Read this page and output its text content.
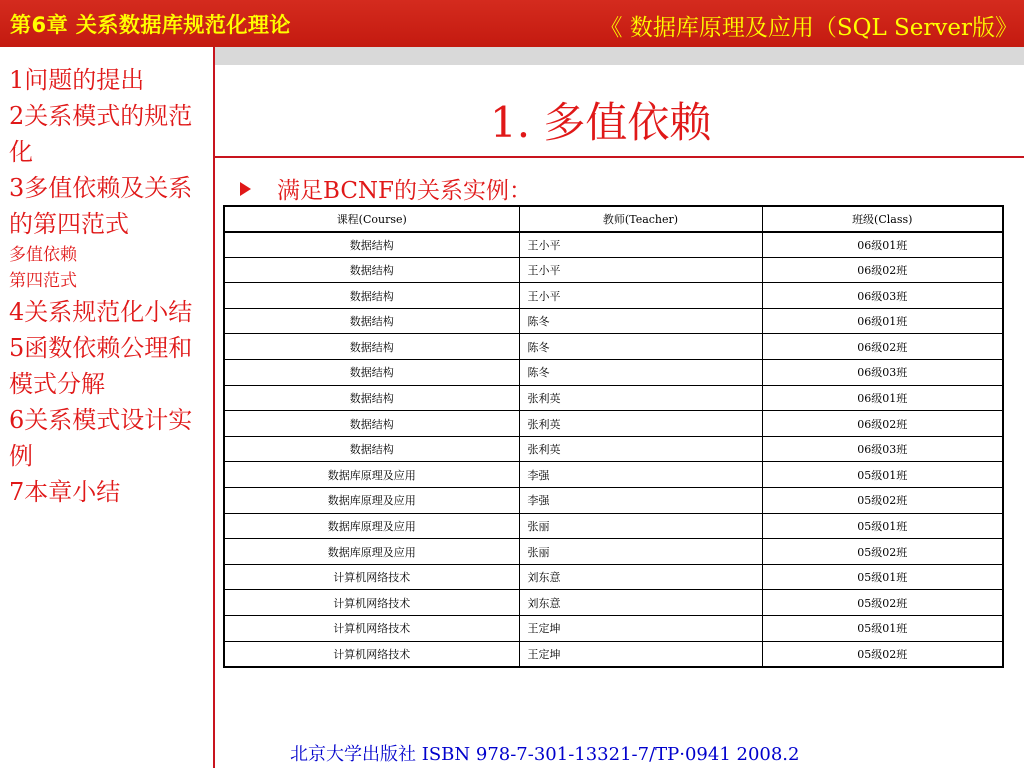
第6章 关系数据库规范化理论	《 数据库原理及应用（SQL Server版》
1问题的提出
2关系模式的规范化
3多值依赖及关系的第四范式
多值依赖
第四范式
4关系规范化小结
5函数依赖公理和模式分解
6关系模式设计实例
7本章小结
1. 多值依赖
满足BCNF的关系实例：
课程(Course)	教师(Teacher)	班级(Class)
数据结构	王小平	06级01班
数据结构	王小平	06级02班
数据结构	王小平	06级03班
数据结构	陈冬	06级01班
数据结构	陈冬	06级02班
数据结构	陈冬	06级03班
数据结构	张利英	06级01班
数据结构	张利英	06级02班
数据结构	张利英	06级03班
数据库原理及应用	李强	05级01班
数据库原理及应用	李强	05级02班
数据库原理及应用	张丽	05级01班
数据库原理及应用	张丽	05级02班
计算机网络技术	刘东意	05级01班
计算机网络技术	刘东意	05级02班
计算机网络技术	王定坤	05级01班
计算机网络技术	王定坤	05级02班
北京大学出版社 ISBN 978-7-301-13321-7/TP·0941 2008.2
